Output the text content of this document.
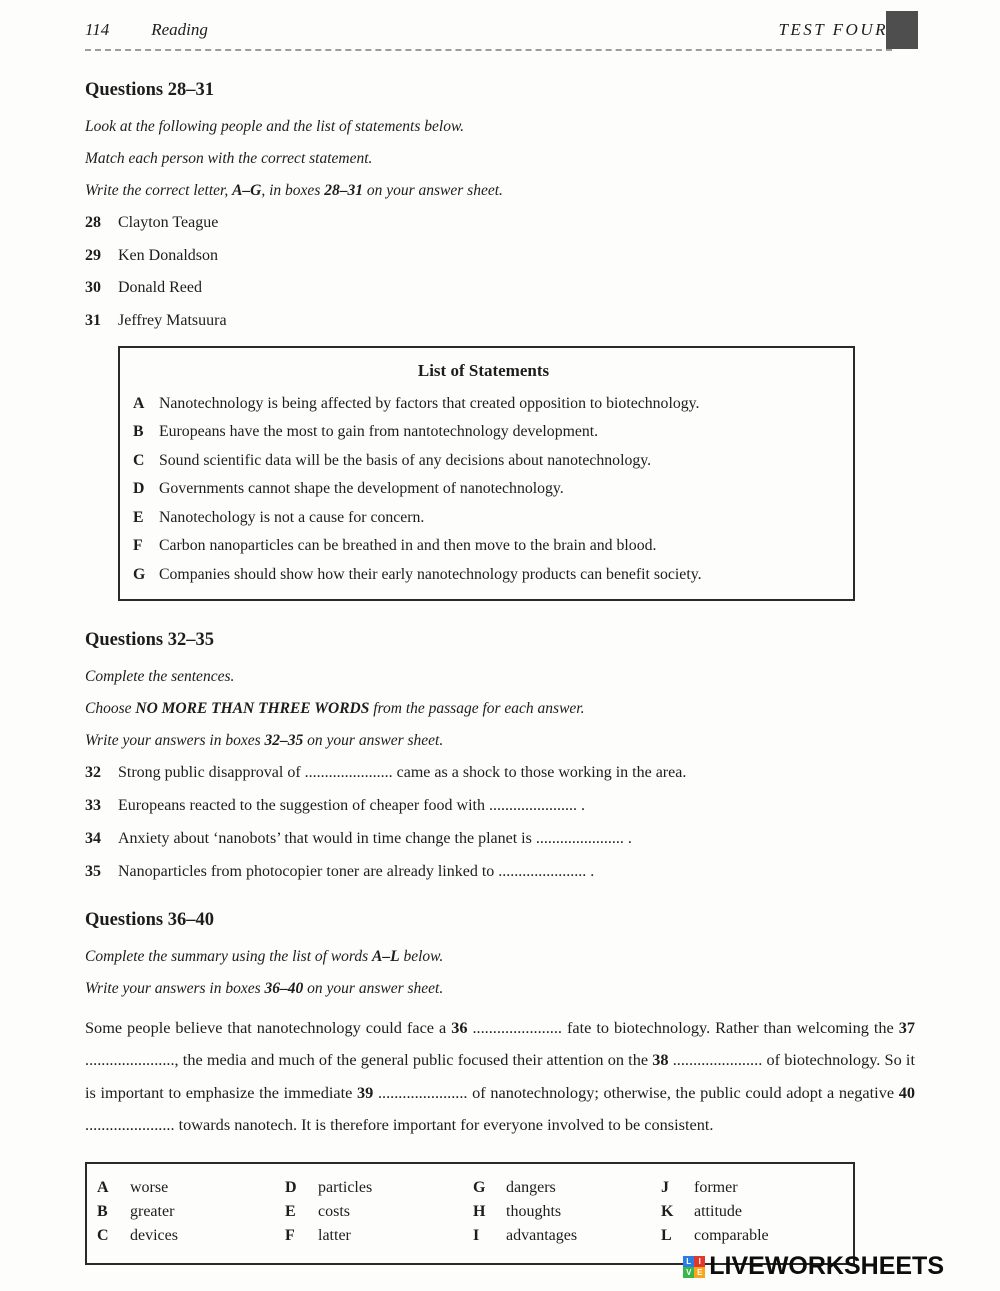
114 Reading	TEST FOUR
Questions 28–31

Look at the following people and the list of statements below.

Match each person with the correct statement.

Write the correct letter, A–G, in boxes 28–31 on your answer sheet.

28	Clayton Teague
29	Ken Donaldson
30	Donald Reed
31	Jeffrey Matsuura
List of Statements
A Nanotechnology is being affected by factors that created opposition to biotechnology.
B Europeans have the most to gain from nantotechnology development.
C Sound scientific data will be the basis of any decisions about nanotechnology.
D Governments cannot shape the development of nanotechnology.
E Nanotechology is not a cause for concern.
F	Carbon nanoparticles can be breathed in and then move to the brain and blood.
G Companies should show how their early nanotechnology products can benefit society.
Questions 32–35

Complete the sentences.

Choose NO MORE THAN THREE WORDS from the passage for each answer.

Write your answers in boxes 32–35 on your answer sheet.

32	Strong public disapproval of ...................... came as a shock to those working in the area.
33	Europeans reacted to the suggestion of cheaper food with ...................... .
34	Anxiety about ‘nanobots’ that would in time change the planet is ...................... .
35	Nanoparticles from photocopier toner are already linked to ...................... .
Questions 36–40

Complete the summary using the list of words A–L below.

Write your answers in boxes 36–40 on your answer sheet.

Some people believe that nanotechnology could face a 36 ...................... fate to biotechnology. Rather than welcoming the 37 ......................, the media and much of the general public focused their attention on the 38 ...................... of biotechnology. So it is important to emphasize the immediate 39 ...................... of nanotechnology; otherwise, the public could adopt a negative 40 ...................... towards nanotech. It is therefore important for everyone involved to be consistent.

A	worse
B	greater
C	devices
D	particles
E	costs
F	latter
G	dangers
H	thoughts
I	advantages
J	former
K	attitude
L	comparable
L I
V E LIVEWORKSHEETS
